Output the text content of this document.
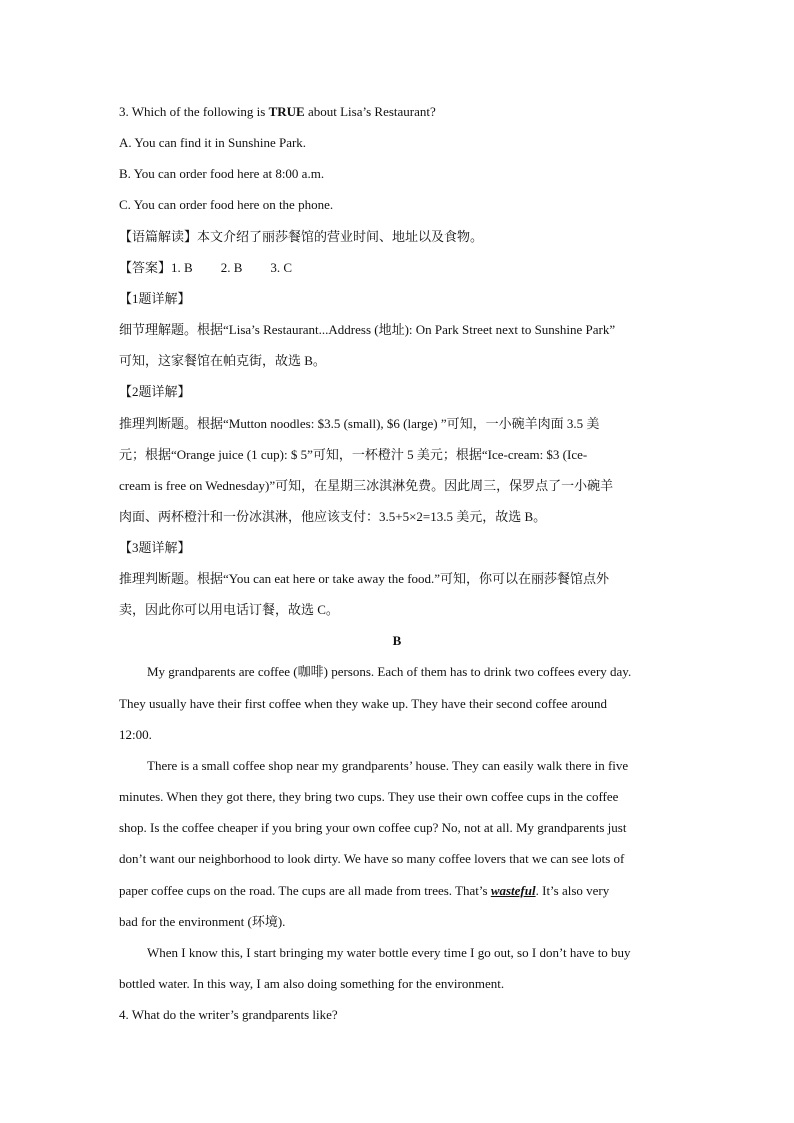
3. Which of the following is TRUE about Lisa’s Restaurant?
A. You can find it in Sunshine Park.
B. You can order food here at 8:00 a.m.
C. You can order food here on the phone.
【语篇解读】本文介绍了丽莎餐馆的营业时间、地址以及食物。
【答案】1. B 2. B 3. C
【1题详解】
细节理解题。根据“Lisa’s Restaurant...Address (地址): On Park Street next to Sunshine Park”
可知，这家餐馆在帕克街，故选 B。
【2题详解】
推理判断题。根据“Mutton noodles: $3.5 (small), $6 (large) ”可知，一小碗羊肉面 3.5 美
元；根据“Orange juice (1 cup): $ 5”可知，一杯橙汁 5 美元；根据“Ice-cream: $3 (Ice-
cream is free on Wednesday)”可知，在星期三冰淇淋免费。因此周三，保罗点了一小碗羊
肉面、两杯橙汁和一份冰淇淋，他应该支付：3.5+5×2=13.5 美元，故选 B。
【3题详解】
推理判断题。根据“You can eat here or take away the food.”可知，你可以在丽莎餐馆点外
卖，因此你可以用电话订餐，故选 C。
B
My grandparents are coffee (咖啡) persons. Each of them has to drink two coffees every day.
They usually have their first coffee when they wake up. They have their second coffee around
12:00.
There is a small coffee shop near my grandparents’ house. They can easily walk there in five
minutes. When they got there, they bring two cups. They use their own coffee cups in the coffee
shop. Is the coffee cheaper if you bring your own coffee cup? No, not at all. My grandparents just
don’t want our neighborhood to look dirty. We have so many coffee lovers that we can see lots of
paper coffee cups on the road. The cups are all made from trees. That’s wasteful. It’s also very
bad for the environment (环境).
When I know this, I start bringing my water bottle every time I go out, so I don’t have to buy
bottled water. In this way, I am also doing something for the environment.
4. What do the writer’s grandparents like?
